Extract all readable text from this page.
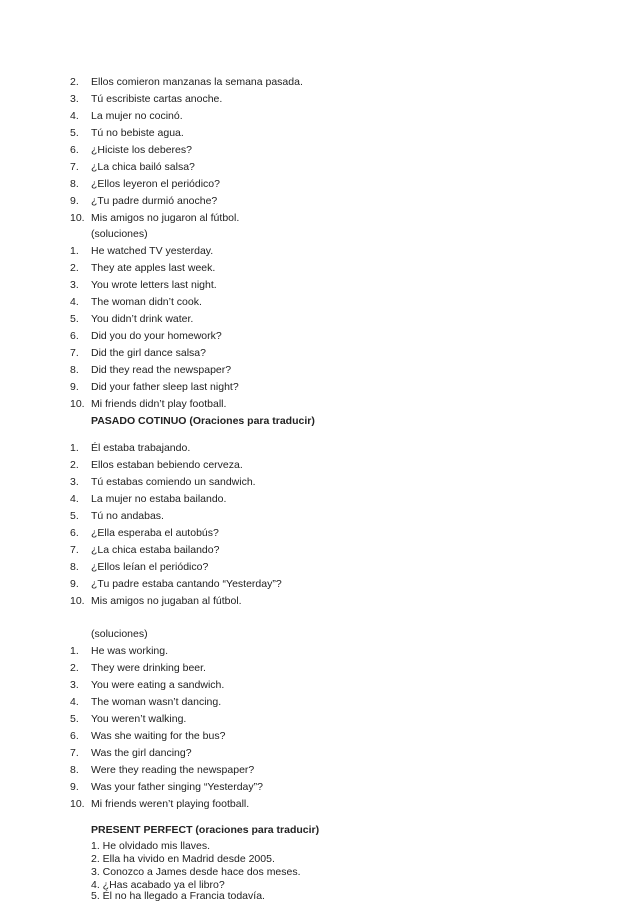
2. Ellos comieron manzanas la semana pasada.
3. Tú escribiste cartas anoche.
4. La mujer no cocinó.
5. Tú no bebiste agua.
6. ¿Hiciste los deberes?
7. ¿La chica bailó salsa?
8. ¿Ellos leyeron el periódico?
9. ¿Tu padre durmió anoche?
10. Mis amigos no jugaron al fútbol.
(soluciones)
1. He watched TV yesterday.
2. They ate apples last week.
3. You wrote letters last night.
4. The woman didn’t cook.
5. You didn’t drink water.
6. Did you do your homework?
7. Did the girl dance salsa?
8. Did they read the newspaper?
9. Did your father sleep last night?
10. Mi friends didn’t play football.
PASADO COTINUO (Oraciones para traducir)
1. Él estaba trabajando.
2. Ellos estaban bebiendo cerveza.
3. Tú estabas comiendo un sandwich.
4. La mujer no estaba bailando.
5. Tú no andabas.
6. ¿Ella esperaba el autobús?
7. ¿La chica estaba bailando?
8. ¿Ellos leían el periódico?
9. ¿Tu padre estaba cantando “Yesterday”?
10. Mis amigos no jugaban al fútbol.
(soluciones)
1. He was working.
2. They were drinking beer.
3. You were eating a sandwich.
4. The woman wasn’t dancing.
5. You weren’t walking.
6. Was she waiting for the bus?
7. Was the girl dancing?
8. Were they reading the newspaper?
9. Was your father singing “Yesterday”?
10. Mi friends weren’t playing football.
PRESENT PERFECT (oraciones para traducir)
1. He olvidado mis llaves.
2. Ella ha vivido en Madrid desde 2005.
3. Conozco a James desde hace dos meses.
4. ¿Has acabado ya el libro?
5. Él no ha llegado a Francia todavía.
